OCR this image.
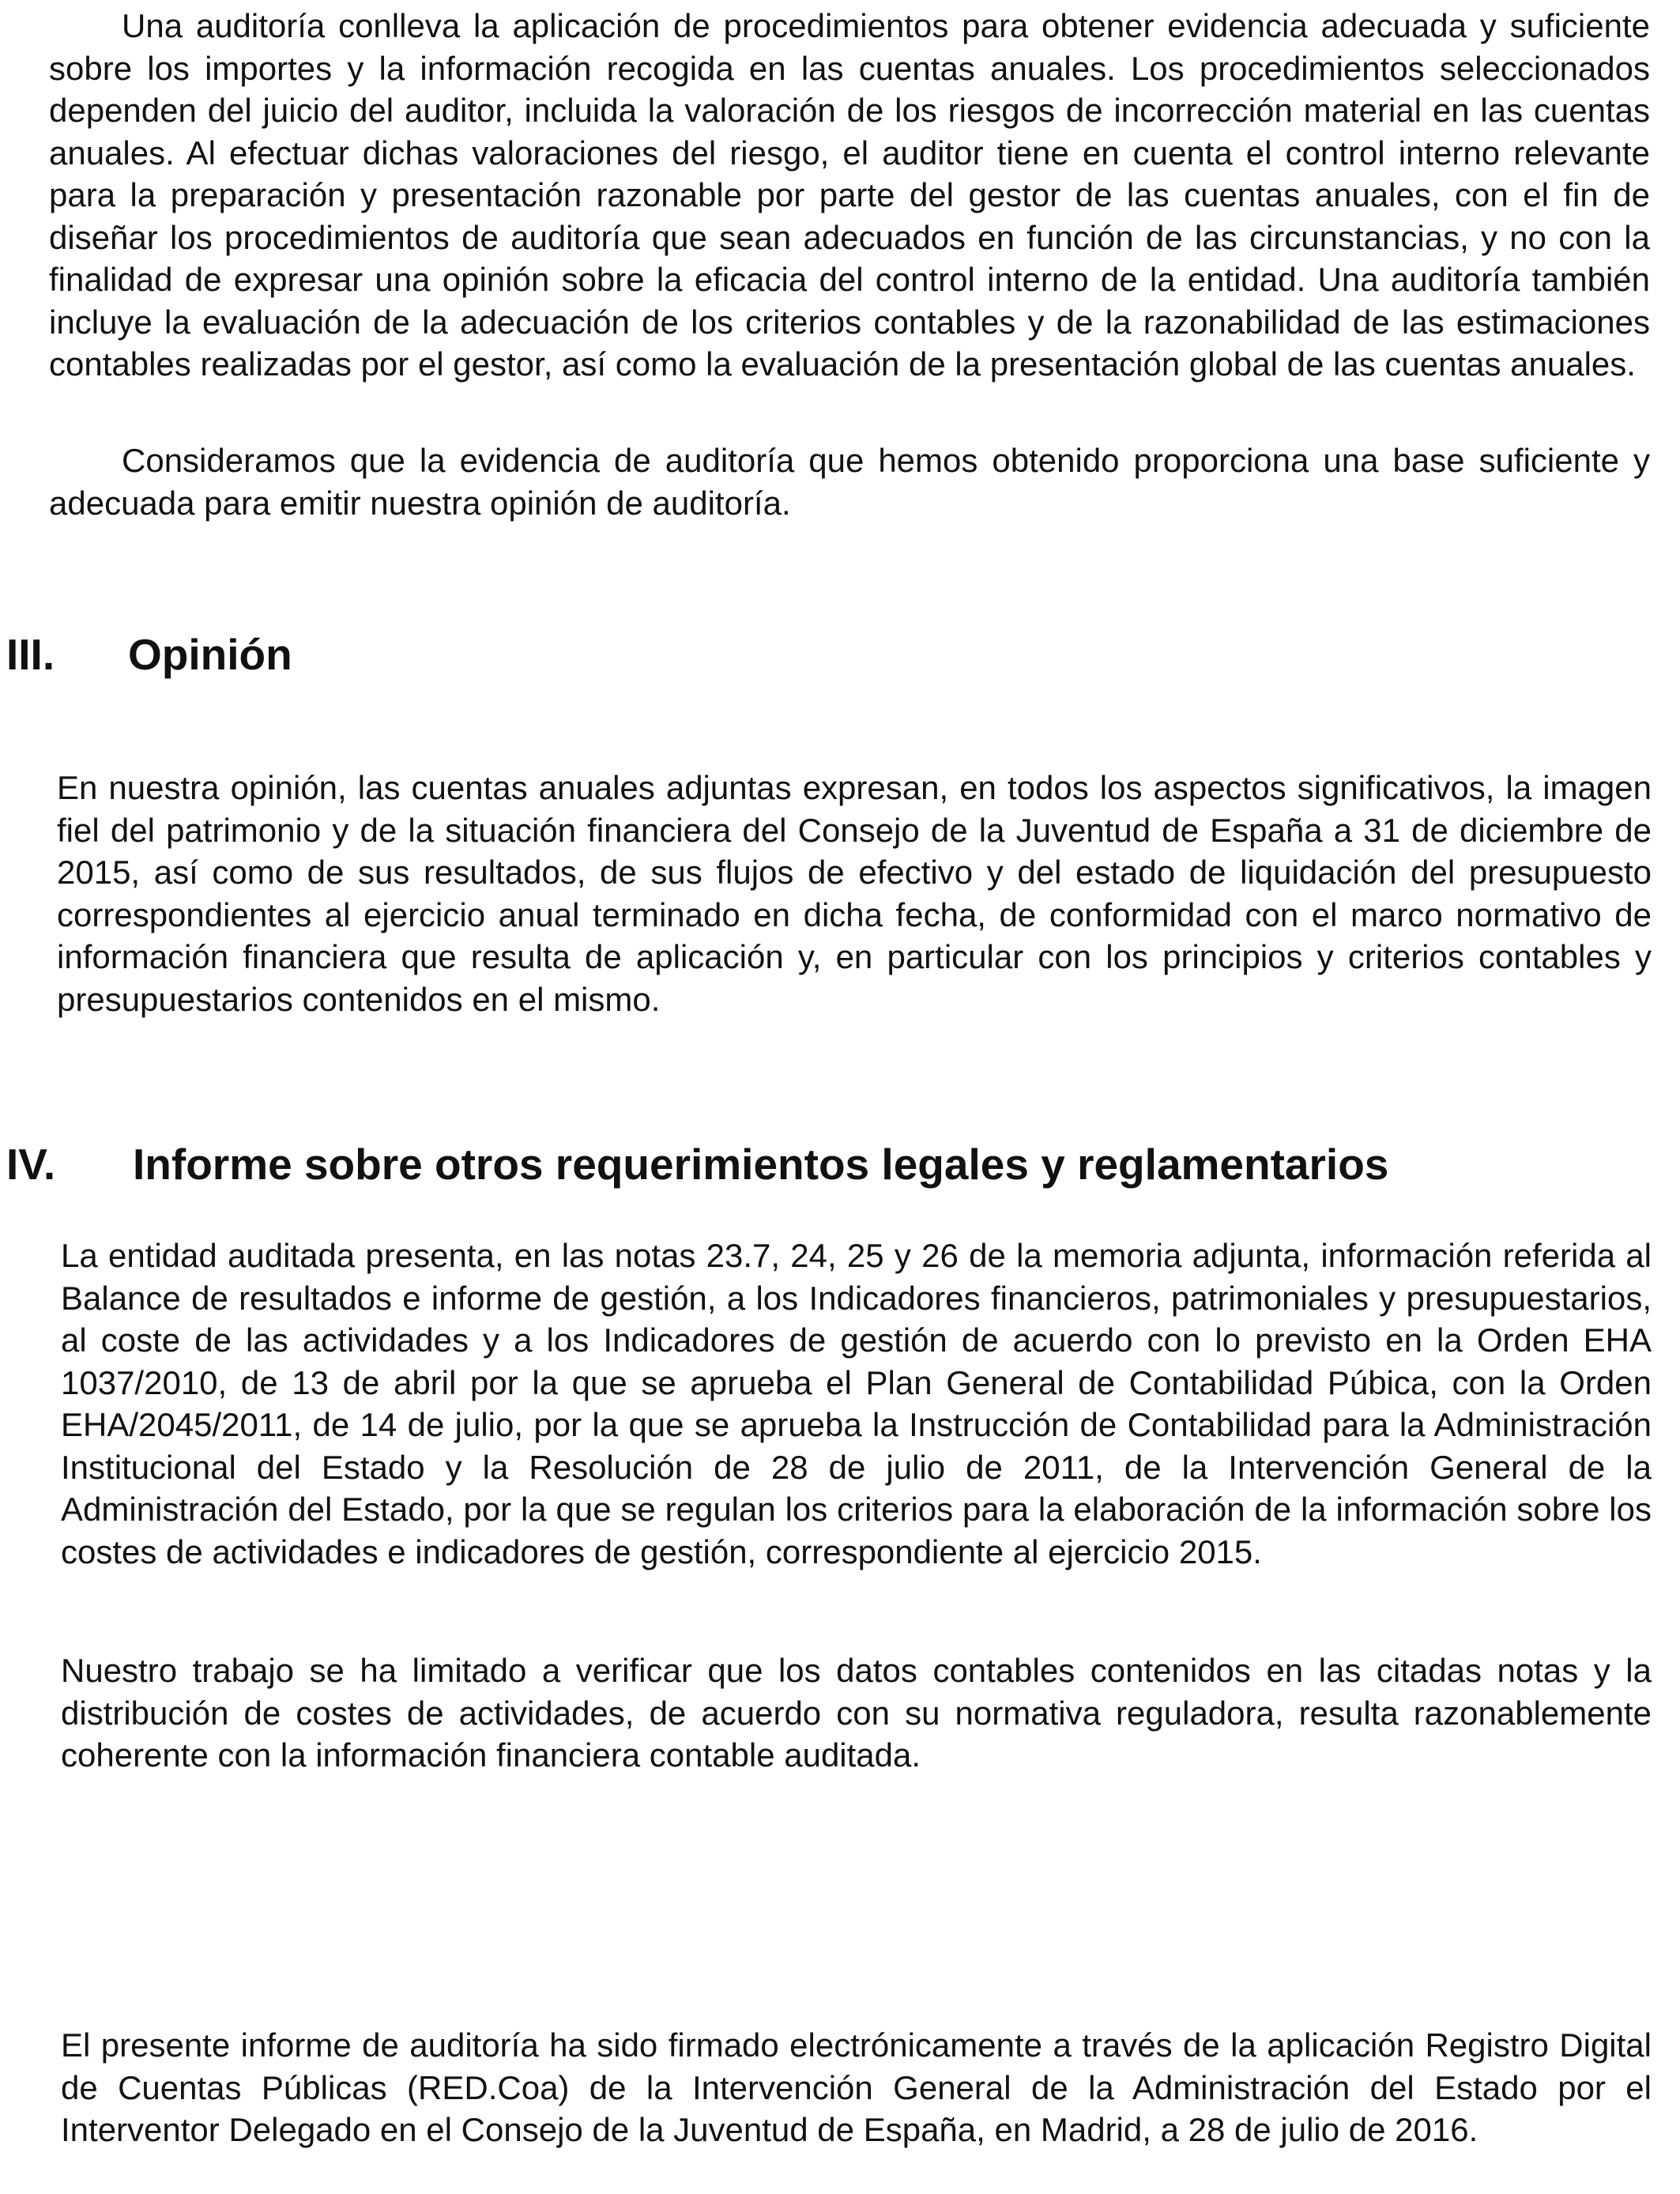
Una auditoría conlleva la aplicación de procedimientos para obtener evidencia adecuada y suficiente sobre los importes y la información recogida en las cuentas anuales. Los procedimientos seleccionados dependen del juicio del auditor, incluida la valoración de los riesgos de incorrección material en las cuentas anuales. Al efectuar dichas valoraciones del riesgo, el auditor tiene en cuenta el control interno relevante para la preparación y presentación razonable por parte del gestor de las cuentas anuales, con el fin de diseñar los procedimientos de auditoría que sean adecuados en función de las circunstancias, y no con la finalidad de expresar una opinión sobre la eficacia del control interno de la entidad. Una auditoría también incluye la evaluación de la adecuación de los criterios contables y de la razonabilidad de las estimaciones contables realizadas por el gestor, así como la evaluación de la presentación global de las cuentas anuales.

Consideramos que la evidencia de auditoría que hemos obtenido proporciona una base suficiente y adecuada para emitir nuestra opinión de auditoría.

III. Opinión

En nuestra opinión, las cuentas anuales adjuntas expresan, en todos los aspectos significativos, la imagen fiel del patrimonio y de la situación financiera del Consejo de la Juventud de España a 31 de diciembre de 2015, así como de sus resultados, de sus flujos de efectivo y del estado de liquidación del presupuesto correspondientes al ejercicio anual terminado en dicha fecha, de conformidad con el marco normativo de información financiera que resulta de aplicación y, en particular con los principios y criterios contables y presupuestarios contenidos en el mismo.

IV. Informe sobre otros requerimientos legales y reglamentarios

La entidad auditada presenta, en las notas 23.7, 24, 25 y 26 de la memoria adjunta, información referida al Balance de resultados e informe de gestión, a los Indicadores financieros, patrimoniales y presupuestarios, al coste de las actividades y a los Indicadores de gestión de acuerdo con lo previsto en la Orden EHA 1037/2010, de 13 de abril por la que se aprueba el Plan General de Contabilidad Púbica, con la Orden EHA/2045/2011, de 14 de julio, por la que se aprueba la Instrucción de Contabilidad para la Administración Institucional del Estado y la Resolución de 28 de julio de 2011, de la Intervención General de la Administración del Estado, por la que se regulan los criterios para la elaboración de la información sobre los costes de actividades e indicadores de gestión, correspondiente al ejercicio 2015.

Nuestro trabajo se ha limitado a verificar que los datos contables contenidos en las citadas notas y la distribución de costes de actividades, de acuerdo con su normativa reguladora, resulta razonablemente coherente con la información financiera contable auditada.

El presente informe de auditoría ha sido firmado electrónicamente a través de la aplicación Registro Digital de Cuentas Públicas (RED.Coa) de la Intervención General de la Administración del Estado por el Interventor Delegado en el Consejo de la Juventud de España, en Madrid, a 28 de julio de 2016.
